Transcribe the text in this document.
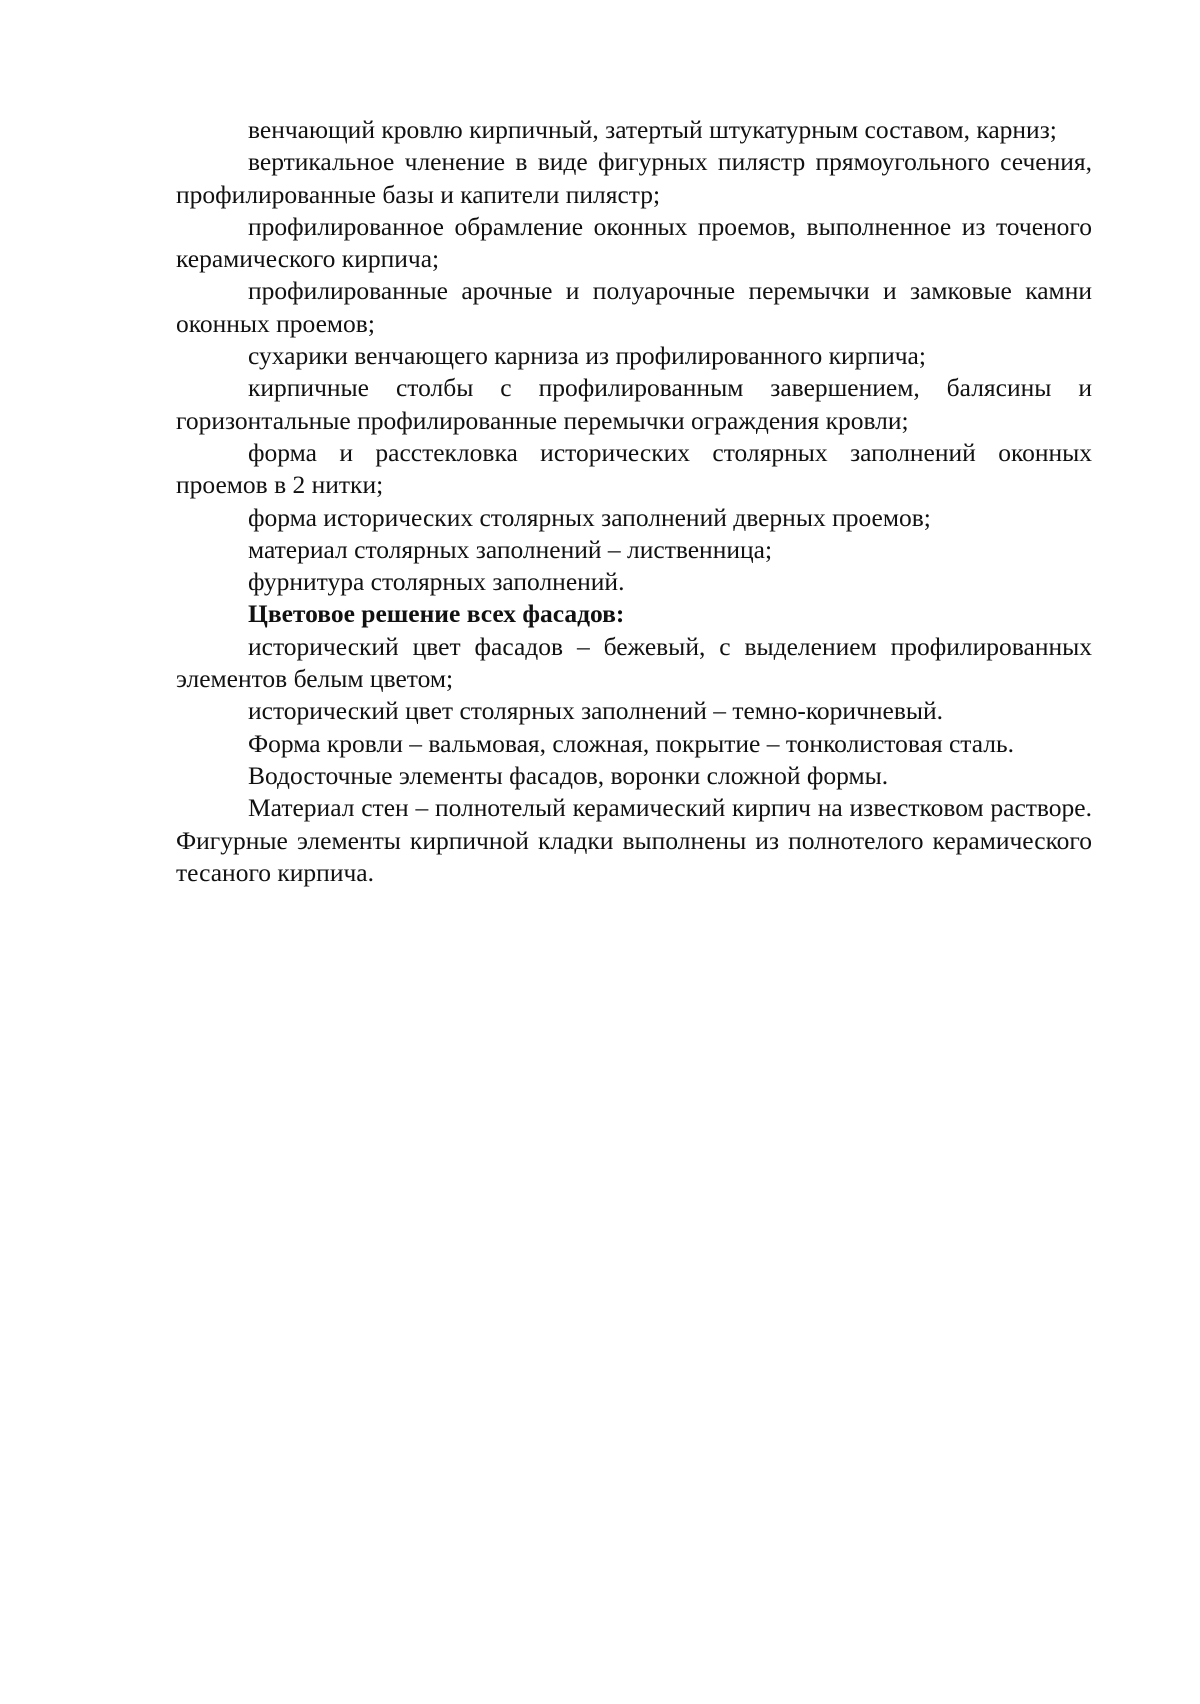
венчающий кровлю кирпичный, затертый штукатурным составом, карниз;

вертикальное членение в виде фигурных пилястр прямоугольного сечения, профилированные базы и капители пилястр;

профилированное обрамление оконных проемов, выполненное из точеного керамического кирпича;

профилированные арочные и полуарочные перемычки и замковые камни оконных проемов;

сухарики венчающего карниза из профилированного кирпича;

кирпичные столбы с профилированным завершением, балясины и горизонтальные профилированные перемычки ограждения кровли;

форма и расстекловка исторических столярных заполнений оконных проемов в 2 нитки;

форма исторических столярных заполнений дверных проемов;

материал столярных заполнений – лиственница;

фурнитура столярных заполнений.

Цветовое решение всех фасадов:

исторический цвет фасадов – бежевый, с выделением профилированных элементов белым цветом;

исторический цвет столярных заполнений – темно-коричневый.

Форма кровли – вальмовая, сложная, покрытие – тонколистовая сталь.

Водосточные элементы фасадов, воронки сложной формы.

Материал стен – полнотелый керамический кирпич на известковом растворе. Фигурные элементы кирпичной кладки выполнены из полнотелого керамического тесаного кирпича.
